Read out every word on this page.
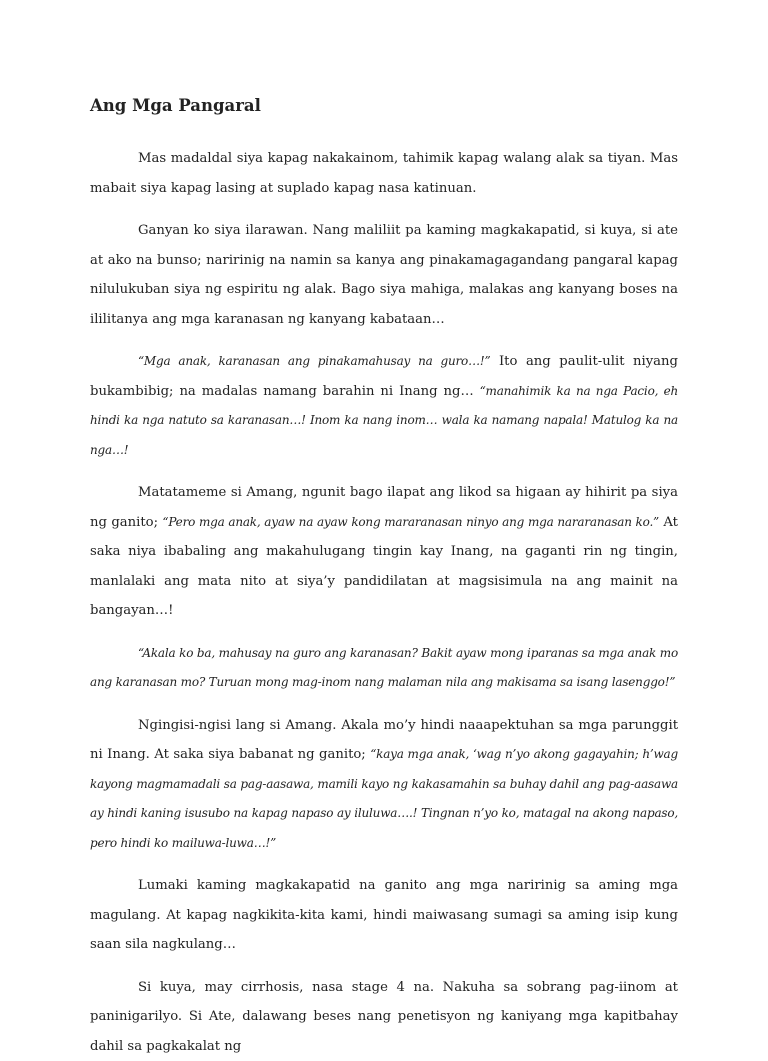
Ang Mga Pangaral

Mas madaldal siya kapag nakakainom, tahimik kapag walang alak sa tiyan. Mas mabait siya kapag lasing at suplado kapag nasa katinuan.

Ganyan ko siya ilarawan. Nang maliliit pa kaming magkakapatid, si kuya, si ate at ako na bunso; naririnig na namin sa kanya ang pinakamagagandang pangaral kapag nilulukuban siya ng espiritu ng alak. Bago siya mahiga, malakas ang kanyang boses na ililitanya ang mga karanasan ng kanyang kabataan…

“Mga anak, karanasan ang pinakamahusay na guro…!” Ito ang paulit-ulit niyang bukambibig; na madalas namang barahin ni Inang ng… “manahimik ka na nga Pacio, eh hindi ka nga natuto sa karanasan…! Inom ka nang inom… wala ka namang napala! Matulog ka na nga…!

Matatameme si Amang, ngunit bago ilapat ang likod sa higaan ay hihirit pa siya ng ganito; “Pero mga anak, ayaw na ayaw kong mararanasan ninyo ang mga nararanasan ko.” At saka niya ibabaling ang makahulugang tingin kay Inang, na gaganti rin ng tingin, manlalaki ang mata nito at siya’y pandidilatan at magsisimula na ang mainit na bangayan…!

“Akala ko ba, mahusay na guro ang karanasan? Bakit ayaw mong iparanas sa mga anak mo ang karanasan mo? Turuan mong mag-inom nang malaman nila ang makisama sa isang lasenggo!”

Ngingisi-ngisi lang si Amang. Akala mo’y hindi naaapektuhan sa mga parunggit ni Inang. At saka siya babanat ng ganito; “kaya mga anak, ‘wag n’yo akong gagayahin; h’wag kayong magmamadali sa pag-aasawa, mamili kayo ng kakasamahin sa buhay dahil ang pag-aasawa ay hindi kaning isusubo na kapag napaso ay iluluwa….! Tingnan n’yo ko, matagal na akong napaso, pero hindi ko mailuwa-luwa…!”

Lumaki kaming magkakapatid na ganito ang mga naririnig sa aming mga magulang. At kapag nagkikita-kita kami, hindi maiwasang sumagi sa aming isip kung saan sila nagkulang…

Si kuya, may cirrhosis, nasa stage 4 na. Nakuha sa sobrang pag-iinom at paninigarilyo. Si Ate, dalawang beses nang penetisyon ng kaniyang mga kapitbahay dahil sa pagkakalat ng
